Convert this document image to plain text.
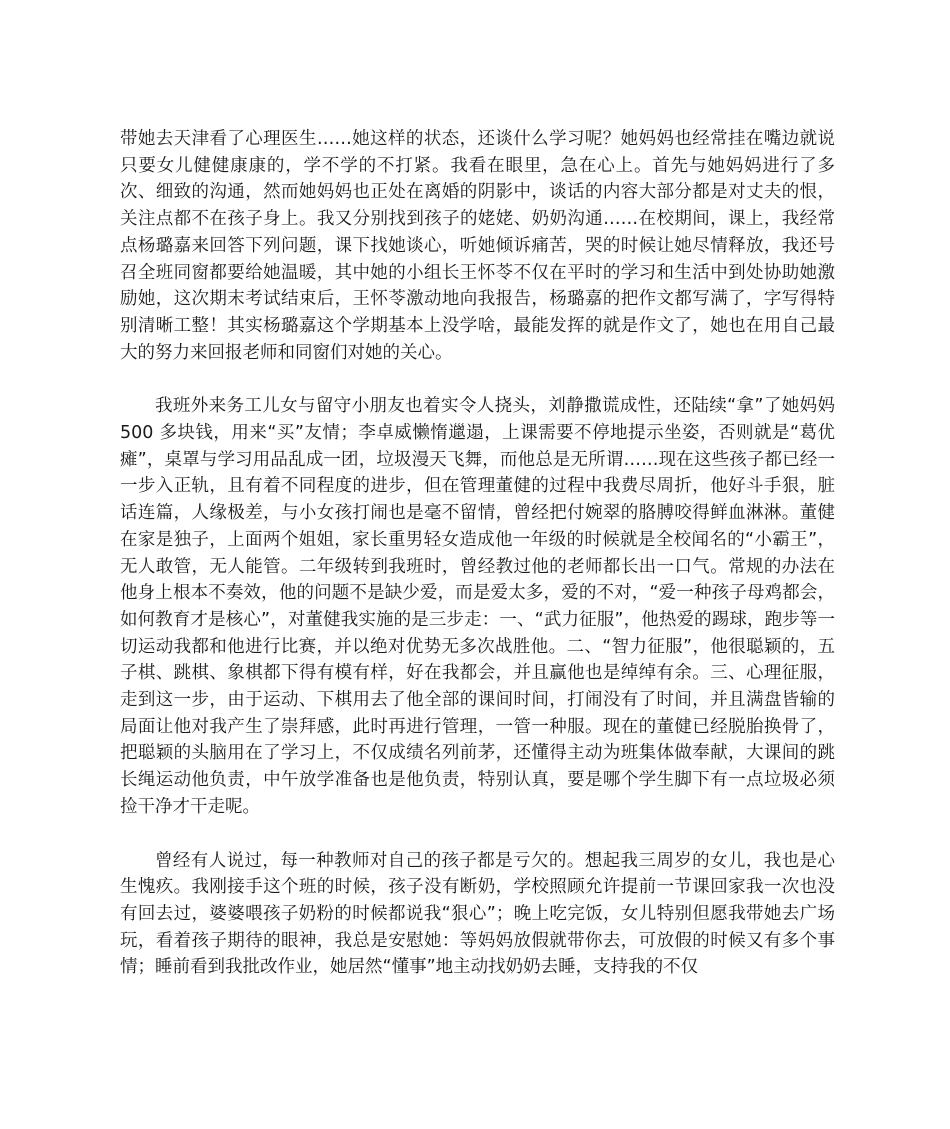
带她去天津看了心理医生……她这样的状态，还谈什么学习呢？她妈妈也经常挂在嘴边就说只要女儿健健康康的，学不学的不打紧。我看在眼里，急在心上。首先与她妈妈进行了多次、细致的沟通，然而她妈妈也正处在离婚的阴影中，谈话的内容大部分都是对丈夫的恨，关注点都不在孩子身上。我又分别找到孩子的姥姥、奶奶沟通……在校期间，课上，我经常点杨璐嘉来回答下列问题，课下找她谈心，听她倾诉痛苦，哭的时候让她尽情释放，我还号召全班同窗都要给她温暖，其中她的小组长王怀苓不仅在平时的学习和生活中到处协助她激励她，这次期末考试结束后，王怀苓激动地向我报告，杨璐嘉的把作文都写满了，字写得特别清晰工整！其实杨璐嘉这个学期基本上没学啥，最能发挥的就是作文了，她也在用自己最大的努力来回报老师和同窗们对她的关心。

我班外来务工儿女与留守小朋友也着实令人挠头，刘静撒谎成性，还陆续“拿”了她妈妈 500 多块钱，用来“买”友情；李卓威懒惰邋遢，上课需要不停地提示坐姿，否则就是“葛优瘫”，桌罩与学习用品乱成一团，垃圾漫天飞舞，而他总是无所谓……现在这些孩子都已经一一步入正轨，且有着不同程度的进步，但在管理董健的过程中我费尽周折，他好斗手狠，脏话连篇，人缘极差，与小女孩打闹也是毫不留情，曾经把付婉翠的胳膊咬得鲜血淋淋。董健在家是独子，上面两个姐姐，家长重男轻女造成他一年级的时候就是全校闻名的“小霸王”，无人敢管，无人能管。二年级转到我班时，曾经教过他的老师都长出一口气。常规的办法在他身上根本不奏效，他的问题不是缺少爱，而是爱太多，爱的不对，“爱一种孩子母鸡都会，如何教育才是核心”，对董健我实施的是三步走：一、“武力征服”，他热爱的踢球，跑步等一切运动我都和他进行比赛，并以绝对优势无多次战胜他。二、“智力征服”，他很聪颖的，五子棋、跳棋、象棋都下得有模有样，好在我都会，并且赢他也是绰绰有余。三、心理征服，走到这一步，由于运动、下棋用去了他全部的课间时间，打闹没有了时间，并且满盘皆输的局面让他对我产生了崇拜感，此时再进行管理，一管一种服。现在的董健已经脱胎换骨了，把聪颖的头脑用在了学习上，不仅成绩名列前茅，还懂得主动为班集体做奉献，大课间的跳长绳运动他负责，中午放学准备也是他负责，特别认真，要是哪个学生脚下有一点垃圾必须捡干净才干走呢。

曾经有人说过，每一种教师对自己的孩子都是亏欠的。想起我三周岁的女儿，我也是心生愧疚。我刚接手这个班的时候，孩子没有断奶，学校照顾允许提前一节课回家我一次也没有回去过，婆婆喂孩子奶粉的时候都说我“狠心”；晚上吃完饭，女儿特别但愿我带她去广场玩，看着孩子期待的眼神，我总是安慰她：等妈妈放假就带你去，可放假的时候又有多个事情；睡前看到我批改作业，她居然“懂事”地主动找奶奶去睡，支持我的不仅
